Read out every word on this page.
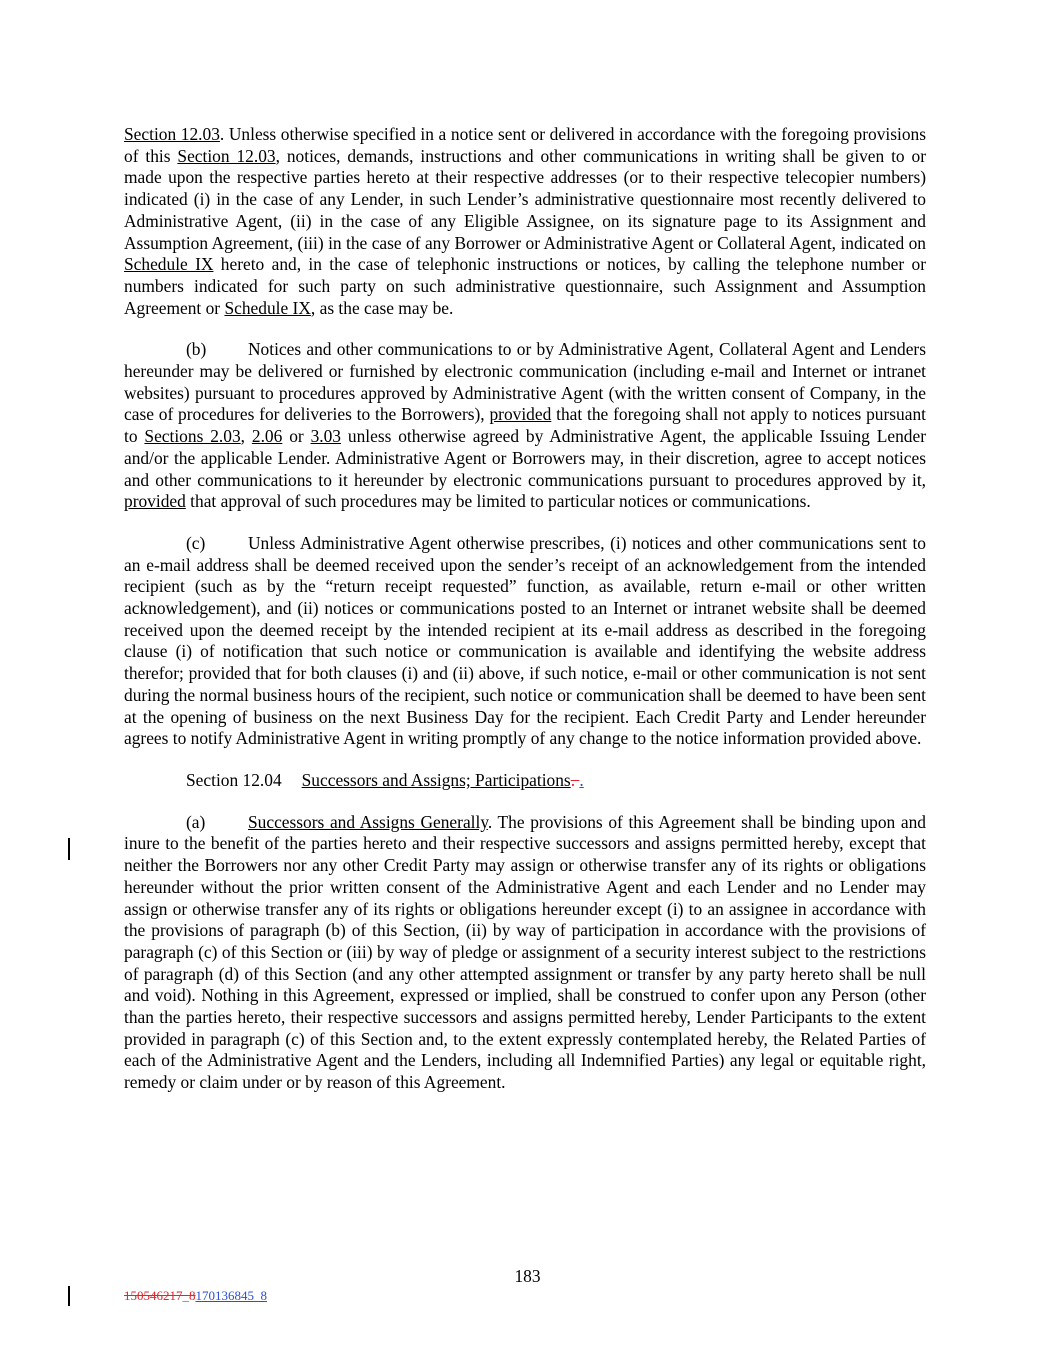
Section 12.03. Unless otherwise specified in a notice sent or delivered in accordance with the foregoing provisions of this Section 12.03, notices, demands, instructions and other communications in writing shall be given to or made upon the respective parties hereto at their respective addresses (or to their respective telecopier numbers) indicated (i) in the case of any Lender, in such Lender’s administrative questionnaire most recently delivered to Administrative Agent, (ii) in the case of any Eligible Assignee, on its signature page to its Assignment and Assumption Agreement, (iii) in the case of any Borrower or Administrative Agent or Collateral Agent, indicated on Schedule IX hereto and, in the case of telephonic instructions or notices, by calling the telephone number or numbers indicated for such party on such administrative questionnaire, such Assignment and Assumption Agreement or Schedule IX, as the case may be.

(b) Notices and other communications to or by Administrative Agent, Collateral Agent and Lenders hereunder may be delivered or furnished by electronic communication (including e-mail and Internet or intranet websites) pursuant to procedures approved by Administrative Agent (with the written consent of Company, in the case of procedures for deliveries to the Borrowers), provided that the foregoing shall not apply to notices pursuant to Sections 2.03, 2.06 or 3.03 unless otherwise agreed by Administrative Agent, the applicable Issuing Lender and/or the applicable Lender. Administrative Agent or Borrowers may, in their discretion, agree to accept notices and other communications to it hereunder by electronic communications pursuant to procedures approved by it, provided that approval of such procedures may be limited to particular notices or communications.

(c) Unless Administrative Agent otherwise prescribes, (i) notices and other communications sent to an e-mail address shall be deemed received upon the sender’s receipt of an acknowledgement from the intended recipient (such as by the “return receipt requested” function, as available, return e-mail or other written acknowledgement), and (ii) notices or communications posted to an Internet or intranet website shall be deemed received upon the deemed receipt by the intended recipient at its e-mail address as described in the foregoing clause (i) of notification that such notice or communication is available and identifying the website address therefor; provided that for both clauses (i) and (ii) above, if such notice, e-mail or other communication is not sent during the normal business hours of the recipient, such notice or communication shall be deemed to have been sent at the opening of business on the next Business Day for the recipient. Each Credit Party and Lender hereunder agrees to notify Administrative Agent in writing promptly of any change to the notice information provided above.

Section 12.04 Successors and Assigns; Participations. .

(a) Successors and Assigns Generally. The provisions of this Agreement shall be binding upon and inure to the benefit of the parties hereto and their respective successors and assigns permitted hereby, except that neither the Borrowers nor any other Credit Party may assign or otherwise transfer any of its rights or obligations hereunder without the prior written consent of the Administrative Agent and each Lender and no Lender may assign or otherwise transfer any of its rights or obligations hereunder except (i) to an assignee in accordance with the provisions of paragraph (b) of this Section, (ii) by way of participation in accordance with the provisions of paragraph (c) of this Section or (iii) by way of pledge or assignment of a security interest subject to the restrictions of paragraph (d) of this Section (and any other attempted assignment or transfer by any party hereto shall be null and void). Nothing in this Agreement, expressed or implied, shall be construed to confer upon any Person (other than the parties hereto, their respective successors and assigns permitted hereby, Lender Participants to the extent provided in paragraph (c) of this Section and, to the extent expressly contemplated hereby, the Related Parties of each of the Administrative Agent and the Lenders, including all Indemnified Parties) any legal or equitable right, remedy or claim under or by reason of this Agreement.

183
150546217_8170136845_8
